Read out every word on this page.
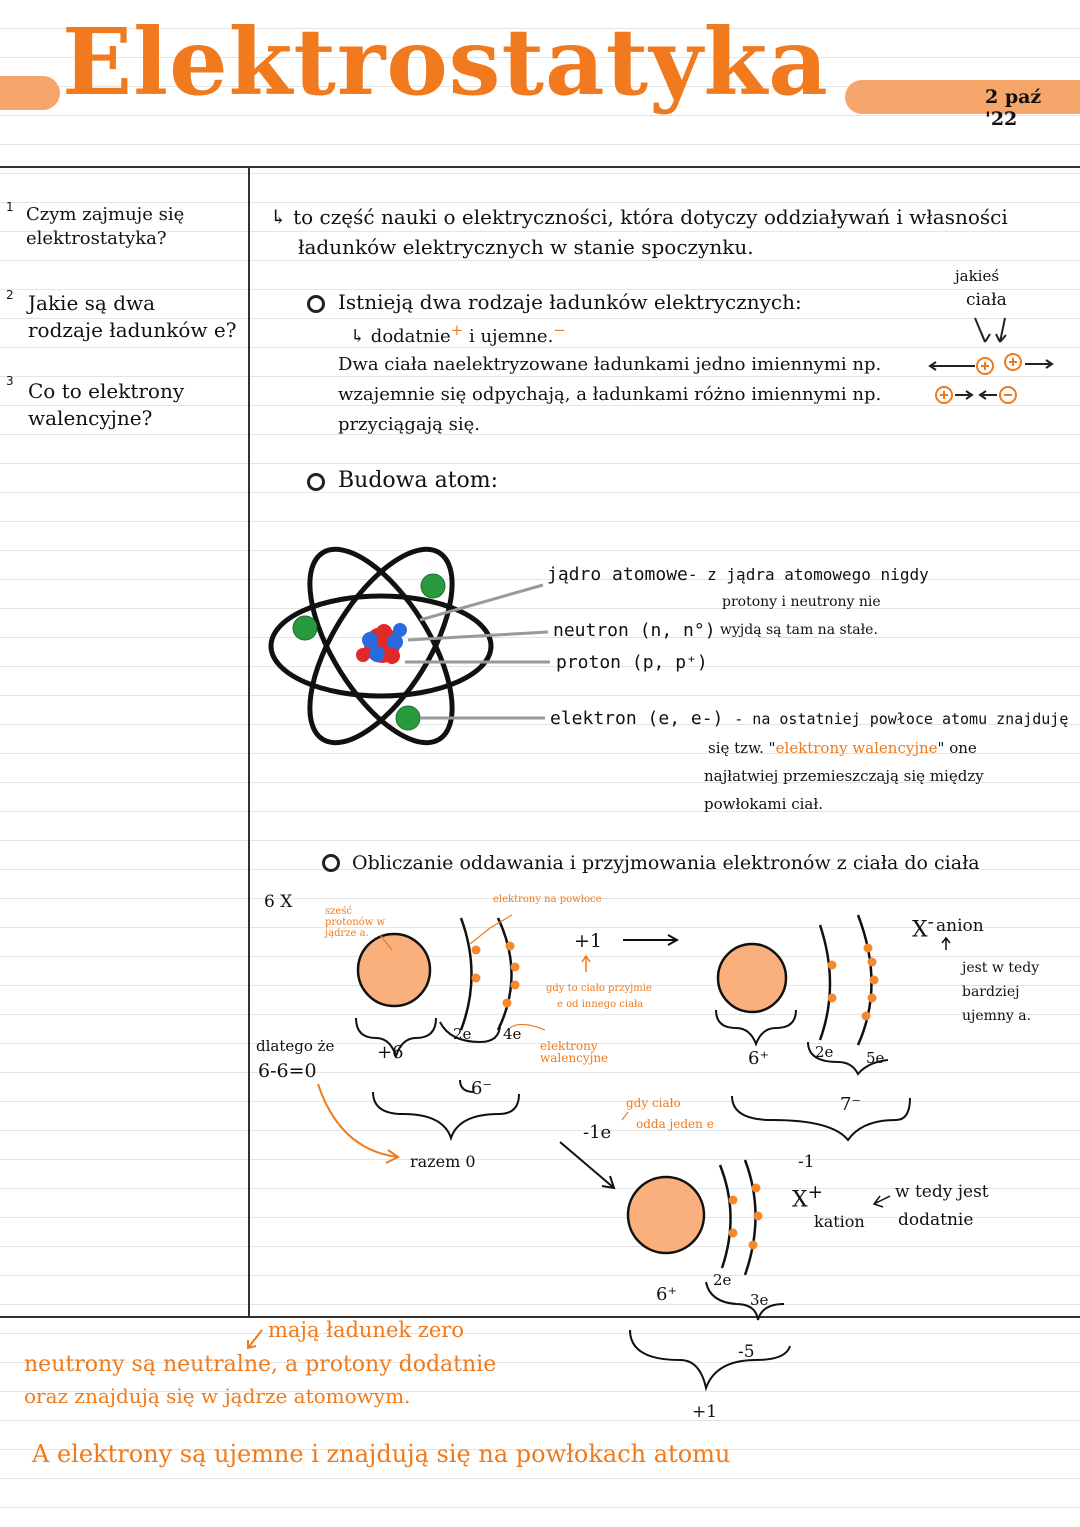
Elektrostatyka	2 paź '22
1 Czym zajmuje się
elektrostatyka?
2 Jakie są dwa
rodzaje ładunków e?
3 Co to elektrony
walencyjne?
↳ to część nauki o elektryczności, która dotyczy oddziaływań i własności
ładunków elektrycznych w stanie spoczynku.
Istnieją dwa rodzaje ładunków elektrycznych:
↳ dodatnie+ i ujemne.−
Dwa ciała naelektryzowane ładunkami jedno imiennymi np.
wzajemnie się odpychają, a ładunkami różno imiennymi np.
przyciągają się.
jakieś
ciała
Budowa atom:
jądro atomowe- z jądra atomowego nigdy
protony i neutrony nie
wyjdą są tam na stałe.
neutron (n, n°)
proton (p, p⁺)
elektron (e, e-) - na ostatniej powłoce atomu znajduję
się tzw. "elektrony walencyjne" one
najłatwiej przemieszczają się między
powłokami ciał.
Obliczanie oddawania i przyjmowania elektronów z ciała do ciała
6 X	sześć protonów w jądrze a.
elektrony na powłoce
+6
2e 4e
elektrony walencyjne
6⁻
dlatego że
6-6=0
razem 0
+1
gdy to ciało przyjmie
e od innego ciała
-1e
gdy ciało
odda jeden e
X- anion
jest w tedy
bardziej
ujemny a.
6⁺	2e 5e
7⁻
-1
X+
kation
w tedy jest
dodatnie
6⁺
2e
3e
-5
+1
mają ładunek zero
neutrony są neutralne, a protony dodatnie
oraz znajdują się w jądrze atomowym.
A elektrony są ujemne i znajdują się na powłokach atomu
